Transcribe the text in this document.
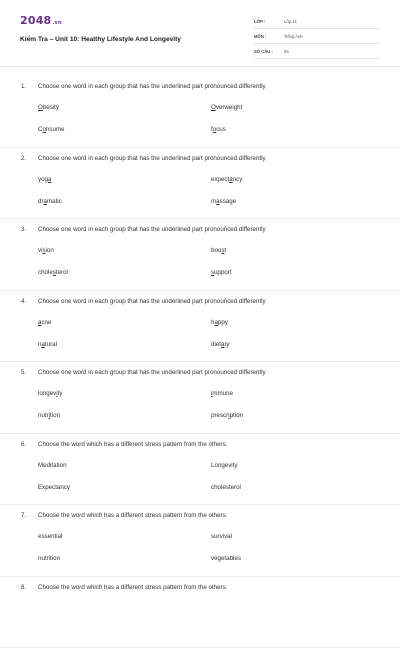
2048 .vn
Kiểm Tra – Unit 10: Healthy Lifestyle And Longevity
LỚP :	Lớp 11
MÔN :	Tiếng Anh
SỐ CÂU :	56
1.	Choose one word in each group that has the underlined part pronounced differently
Obesity	Overweight
Consume	focus
2.	Choose one word in each group that has the underlined part pronounced differently
yoga	expectancy
dramatic	massage
3.	Choose one word in each group that has the underlined part pronounced differently
vision	boost
cholesterol	support
4.	Choose one word in each group that has the underlined part pronounced differently
acne	happy
natural	dietary
5.	Choose one word in each group that has the underlined part pronounced differently
longevity	immune
nutrition	prescription
6.	Choose the word which has a different stress pattern from the others.
Meditation	Longevity
Expectancy	cholesterol
7.	Choose the word which has a different stress pattern from the others.
essential	survival
nutrition	vegetables
8.	Choose the word which has a different stress pattern from the others.
